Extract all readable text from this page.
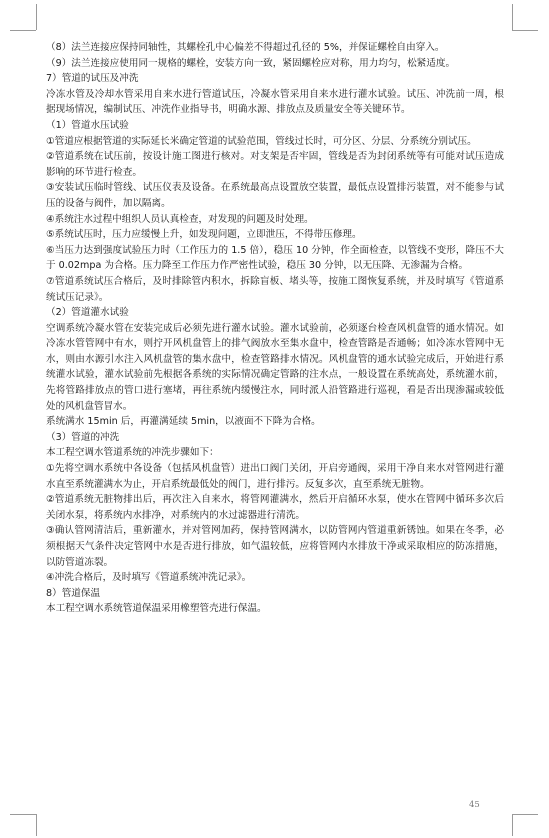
（8）法兰连接应保持同轴性，其螺栓孔中心偏差不得超过孔径的 5%，并保证螺栓自由穿入。

（9）法兰连接应使用同一规格的螺栓，安装方向一致，紧固螺栓应对称，用力均匀，松紧适度。

7）管道的试压及冲洗

冷冻水管及冷却水管采用自来水进行管道试压，冷凝水管采用自来水进行灌水试验。试压、冲洗前一周，根据现场情况，编制试压、冲洗作业指导书，明确水源、排放点及质量安全等关键环节。

（1）管道水压试验

①管道应根据管道的实际延长米确定管道的试验范围，管线过长时，可分区、分层、分系统分别试压。

②管道系统在试压前，按设计施工图进行核对。对支架是否牢固，管线是否为封闭系统等有可能对试压造成影响的环节进行检查。

③安装试压临时管线、试压仪表及设备。在系统最高点设置放空装置，最低点设置排污装置，对不能参与试压的设备与阀件，加以隔离。

④系统注水过程中组织人员认真检查，对发现的问题及时处理。

⑤系统试压时，压力应缓慢上升，如发现问题，立即泄压，不得带压修理。

⑥当压力达到强度试验压力时（工作压力的 1.5 倍），稳压 10 分钟，作全面检查，以管线不变形，降压不大于 0.02mpa 为合格。压力降至工作压力作严密性试验，稳压 30 分钟，以无压降、无渗漏为合格。

⑦管道系统试压合格后，及时排除管内积水，拆除盲板、堵头等，按施工图恢复系统，并及时填写《管道系统试压记录》。

（2）管道灌水试验

空调系统冷凝水管在安装完成后必须先进行灌水试验。灌水试验前，必须逐台检查风机盘管的通水情况。如冷冻水管管网中有水，则拧开风机盘管上的排气阀放水至集水盘中，检查管路是否通畅；如冷冻水管网中无水，则由水源引水注入风机盘管的集水盘中，检查管路排水情况。风机盘管的通水试验完成后，开始进行系统灌水试验，灌水试验前先根据各系统的实际情况确定管路的注水点，一般设置在系统高处，系统灌水前，先将管路排放点的管口进行塞堵，再往系统内缓慢注水，同时派人沿管路进行巡视，看是否出现渗漏或较低处的风机盘管冒水。

系统满水 15min 后，再灌满延续 5min，以液面不下降为合格。

（3）管道的冲洗

本工程空调水管道系统的冲洗步骤如下：

①先将空调水系统中各设备（包括风机盘管）进出口阀门关闭，开启旁通阀，采用干净自来水对管网进行灌水直至系统灌满水为止，开启系统最低处的阀门，进行排污。反复多次，直至系统无脏物。

②管道系统无脏物排出后，再次注入自来水，将管网灌满水，然后开启循环水泵，使水在管网中循环多次后关闭水泵，将系统内水排净，对系统内的水过滤器进行清洗。

③确认管网清洁后，重新灌水，并对管网加药，保持管网满水，以防管网内管道重新锈蚀。如果在冬季，必须根据天气条件决定管网中水是否进行排放，如气温较低，应将管网内水排放干净或采取相应的防冻措施，以防管道冻裂。

④冲洗合格后，及时填写《管道系统冲洗记录》。

8）管道保温

本工程空调水系统管道保温采用橡塑管壳进行保温。

45
